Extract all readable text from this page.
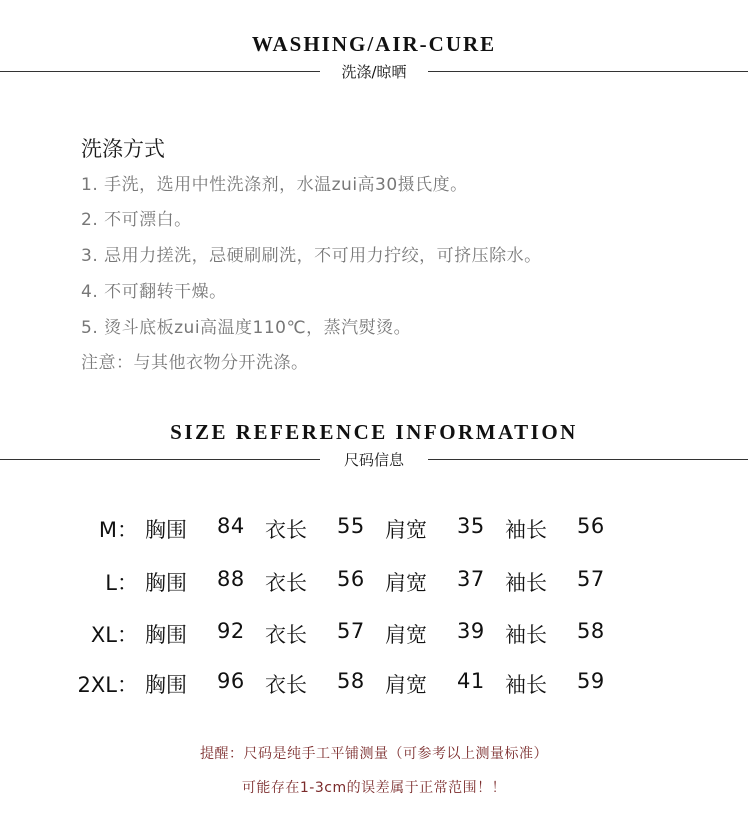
WASHING/AIR-CURE
洗涤/晾晒
洗涤方式
1. 手洗，选用中性洗涤剂，水温zui高30摄氏度。
2. 不可漂白。
3. 忌用力搓洗，忌硬刷刷洗，不可用力拧绞，可挤压除水。
4. 不可翻转干燥。
5. 烫斗底板zui高温度110℃，蒸汽熨烫。
注意：与其他衣物分开洗涤。
SIZE REFERENCE INFORMATION
尺码信息
M： 胸围 84 衣长 55 肩宽 35 袖长 56
L： 胸围 88 衣长 56 肩宽 37 袖长 57
XL： 胸围 92 衣长 57 肩宽 39 袖长 58
2XL： 胸围 96 衣长 58 肩宽 41 袖长 59
提醒：尺码是纯手工平铺测量（可参考以上测量标准）
可能存在1-3cm的误差属于正常范围！！
